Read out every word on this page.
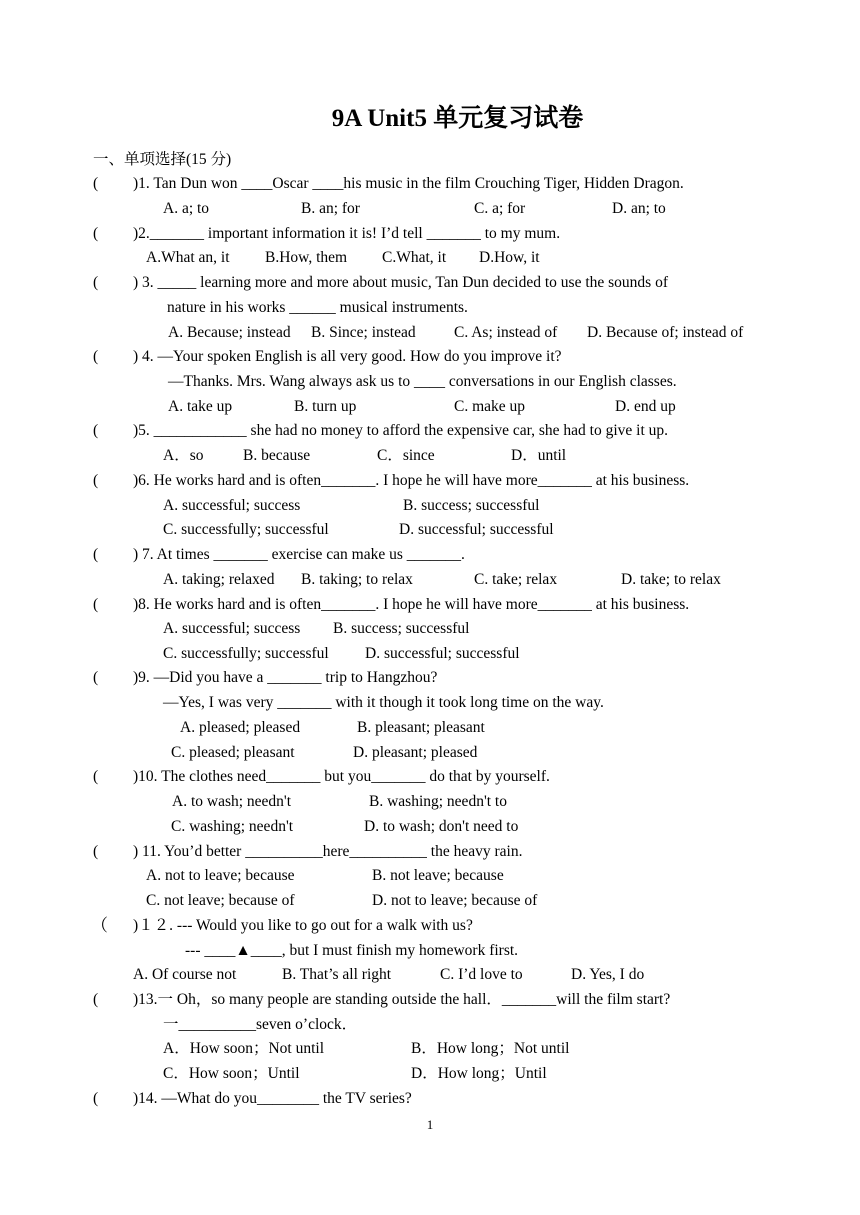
9A Unit5 单元复习试卷
一、单项选择(15 分)
( )1. Tan Dun won ____Oscar ____his music in the film Crouching Tiger, Hidden Dragon.
A. a; to	B. an; for	C. a; for	D. an; to
( )2._______ important information it is! I’d tell _______ to my mum.
A.What an, it B.How, them C.What, it D.How, it
( ) 3. _____ learning more and more about music, Tan Dun decided to use the sounds of
nature in his works ______ musical instruments.
A. Because; instead B. Since; instead C. As; instead of D. Because of; instead of
( ) 4. —Your spoken English is all very good. How do you improve it?
—Thanks. Mrs. Wang always ask us to ____ conversations in our English classes.
A. take up	B. turn up	C. make up	D. end up
( )5. ____________ she had no money to afford the expensive car, she had to give it up.
A．so	B. because	C．since	D．until
( )6. He works hard and is often_______. I hope he will have more_______ at his business.
A. successful; success	B. success; successful
C. successfully; successful	D. successful; successful
( ) 7. At times _______ exercise can make us _______.
A. taking; relaxed B. taking; to relax	C. take; relax	D. take; to relax
( )8. He works hard and is often_______. I hope he will have more_______ at his business.
A. successful; success B. success; successful
C. successfully; successful D. successful; successful
( )9. —Did you have a _______ trip to Hangzhou?
—Yes, I was very _______ with it though it took long time on the way.
A. pleased; pleased	B. pleasant; pleasant
C. pleased; pleasant	D. pleasant; pleased
( )10. The clothes need_______ but you_______ do that by yourself.
A. to wash; needn't	B. washing; needn't to
C. washing; needn't	D. to wash; don't need to
( ) 11. You’d better __________here__________ the heavy rain.
A. not to leave; because	B. not leave; because
C. not leave; because of	D. not to leave; because of
（ )１２. --- Would you like to go out for a walk with us?
--- ____▲____, but I must finish my homework first.
A. Of course not	B. That’s all right	C. I’d love to	D. Yes, I do
( )13.一 Oh，so many people are standing outside the hall．_______will the film start?
一__________seven o’clock．
A．How soon；Not until	B．How long；Not until
C．How soon；Until	D．How long；Until
( )14. —What do you________ the TV series?
1
